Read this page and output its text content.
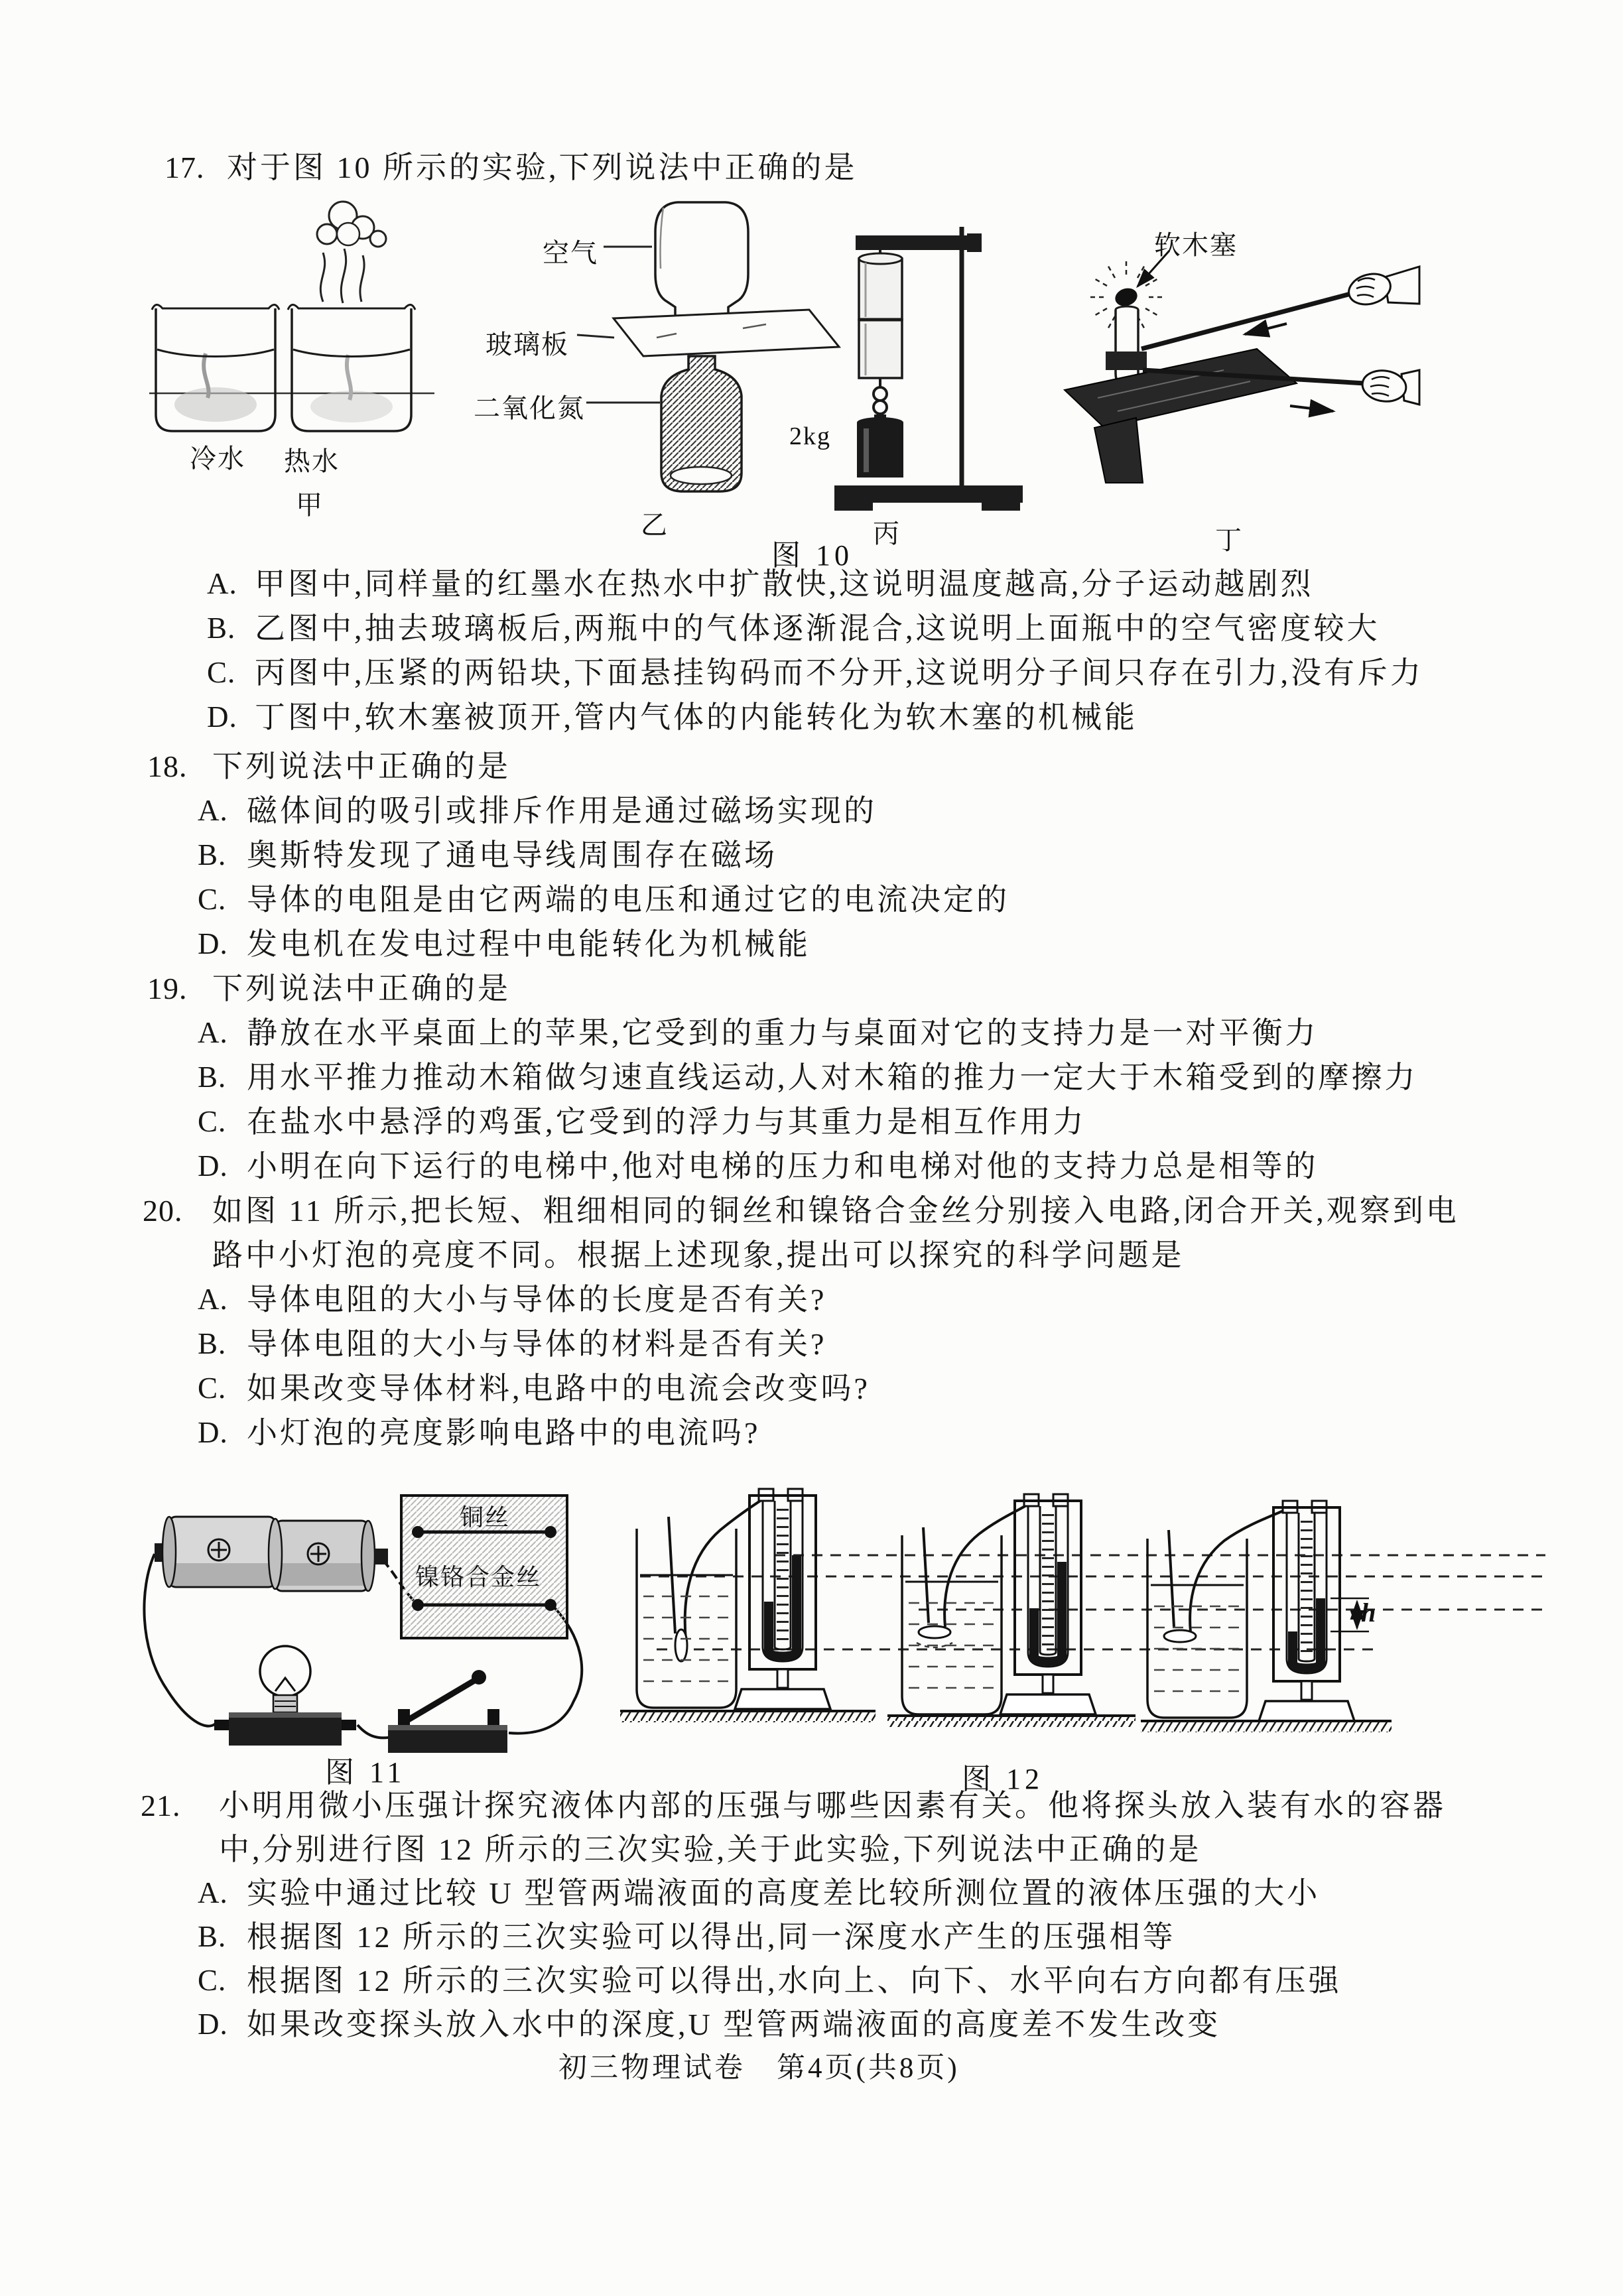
17. 对于图 10 所示的实验,下列说法中正确的是
冷水 热水
甲
空气
玻璃板
二氧化氮
乙
2kg
丙
软木塞
丁
图 10
A. 甲图中,同样量的红墨水在热水中扩散快,这说明温度越高,分子运动越剧烈
B. 乙图中,抽去玻璃板后,两瓶中的气体逐渐混合,这说明上面瓶中的空气密度较大
C. 丙图中,压紧的两铅块,下面悬挂钩码而不分开,这说明分子间只存在引力,没有斥力
D. 丁图中,软木塞被顶开,管内气体的内能转化为软木塞的机械能
18. 下列说法中正确的是
A. 磁体间的吸引或排斥作用是通过磁场实现的
B. 奥斯特发现了通电导线周围存在磁场
C. 导体的电阻是由它两端的电压和通过它的电流决定的
D. 发电机在发电过程中电能转化为机械能
19. 下列说法中正确的是
A. 静放在水平桌面上的苹果,它受到的重力与桌面对它的支持力是一对平衡力
B. 用水平推力推动木箱做匀速直线运动,人对木箱的推力一定大于木箱受到的摩擦力
C. 在盐水中悬浮的鸡蛋,它受到的浮力与其重力是相互作用力
D. 小明在向下运行的电梯中,他对电梯的压力和电梯对他的支持力总是相等的
20. 如图 11 所示,把长短、粗细相同的铜丝和镍铬合金丝分别接入电路,闭合开关,观察到电
路中小灯泡的亮度不同。根据上述现象,提出可以探究的科学问题是
A. 导体电阻的大小与导体的长度是否有关?
B. 导体电阻的大小与导体的材料是否有关?
C. 如果改变导体材料,电路中的电流会改变吗?
D. 小灯泡的亮度影响电路中的电流吗?
铜丝
镍铬合金丝
图 11
h
图 12
21. 小明用微小压强计探究液体内部的压强与哪些因素有关。他将探头放入装有水的容器
中,分别进行图 12 所示的三次实验,关于此实验,下列说法中正确的是
A. 实验中通过比较 U 型管两端液面的高度差比较所测位置的液体压强的大小
B. 根据图 12 所示的三次实验可以得出,同一深度水产生的压强相等
C. 根据图 12 所示的三次实验可以得出,水向上、向下、水平向右方向都有压强
D. 如果改变探头放入水中的深度,U 型管两端液面的高度差不发生改变
初三物理试卷　第4页(共8页)
